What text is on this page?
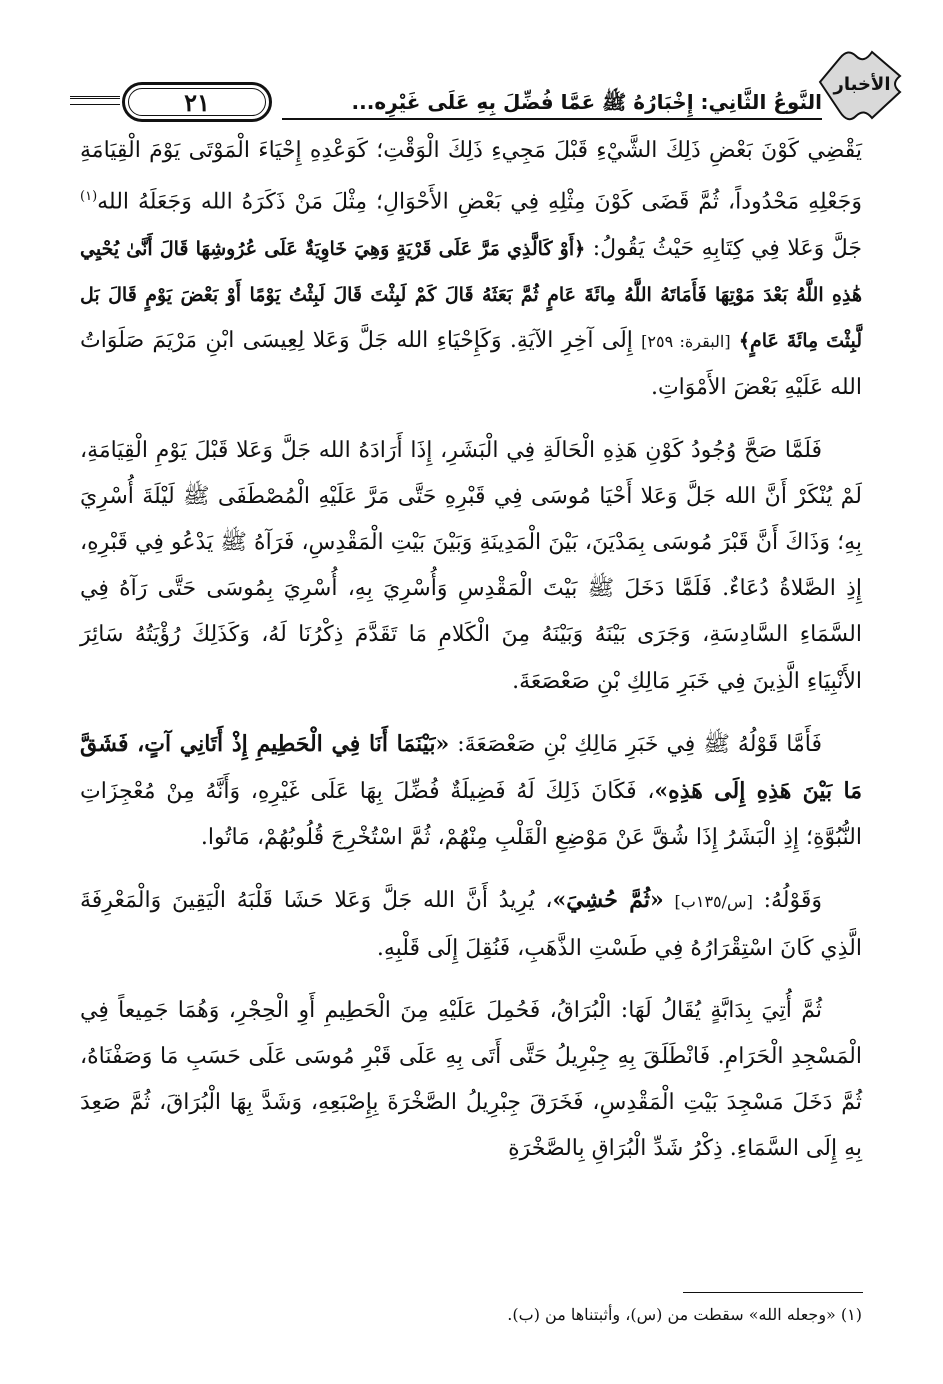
٢١	النَّوعُ الثَّانِي: إِخْبَارُهُ ﷺ عَمَّا فُضِّلَ بِهِ عَلَى غَيْرِه...
الأخبار

يَقْضِي كَوْنَ بَعْضِ ذَلِكَ الشَّيْءِ قَبْلَ مَجِيءِ ذَلِكَ الْوَقْتِ؛ كَوَعْدِهِ إِحْيَاءَ الْمَوْتَى يَوْمَ الْقِيَامَةِ وَجَعْلِهِ مَحْدُوداً، ثُمَّ قَضَى كَوْنَ مِثْلِهِ فِي بَعْضِ الأَحْوَالِ؛ مِثْلَ مَنْ ذَكَرَهُ الله وَجَعَلَهُ الله$^{(١)}$ جَلَّ وَعَلا فِي كِتَابِهِ حَيْثُ يَقُولُ: ﴿أَوْ كَالَّذِي مَرَّ عَلَى قَرْيَةٍ وَهِيَ خَاوِيَةٌ عَلَى عُرُوشِهَا قَالَ أَنَّىٰ يُحْيِي هَٰذِهِ اللَّهُ بَعْدَ مَوْتِهَا فَأَمَاتَهُ اللَّهُ مِائَةَ عَامٍ ثُمَّ بَعَثَهُ قَالَ كَمْ لَبِثْتَ قَالَ لَبِثْتُ يَوْمًا أَوْ بَعْضَ يَوْمٍ قَالَ بَل لَّبِثْتَ مِائَةَ عَامٍ﴾ [البقرة: ٢٥٩] إِلَى آخِرِ الآيَةِ. وَكَإِحْيَاءِ الله جَلَّ وَعَلا لِعِيسَى ابْنِ مَرْيَمَ صَلَوَاتُ الله عَلَيْهِ بَعْضَ الأَمْوَاتِ.

فَلَمَّا صَحَّ وُجُودُ كَوْنِ هَذِهِ الْحَالَةِ فِي الْبَشَرِ، إِذَا أَرَادَهُ الله جَلَّ وَعَلا قَبْلَ يَوْمِ الْقِيَامَةِ، لَمْ يُنْكَرْ أَنَّ الله جَلَّ وَعَلا أَحْيَا مُوسَى فِي قَبْرِهِ حَتَّى مَرَّ عَلَيْهِ الْمُصْطَفَى ﷺ لَيْلَةَ أُسْرِيَ بِهِ؛ وَذَاكَ أَنَّ قَبْرَ مُوسَى بِمَدْيَنَ، بَيْنَ الْمَدِينَةِ وَبَيْنَ بَيْتِ الْمَقْدِسِ، فَرَآهُ ﷺ يَدْعُو فِي قَبْرِهِ، إِذِ الصَّلاةُ دُعَاءٌ. فَلَمَّا دَخَلَ ﷺ بَيْتَ الْمَقْدِسِ وَأُسْرِيَ بِهِ، أُسْرِيَ بِمُوسَى حَتَّى رَآهُ فِي السَّمَاءِ السَّادِسَةِ، وَجَرَى بَيْنَهُ وَبَيْنَهُ مِنَ الْكَلامِ مَا تَقَدَّمَ ذِكْرُنَا لَهُ، وَكَذَلِكَ رُؤْيَتُهُ سَائِرَ الأَنْبِيَاءِ الَّذِينَ فِي خَبَرِ مَالِكِ بْنِ صَعْصَعَةَ.

فَأَمَّا قَوْلُهُ ﷺ فِي خَبَرِ مَالِكِ بْنِ صَعْصَعَةَ: «بَيْنَمَا أَنَا فِي الْحَطِيمِ إِذْ أَتَانِي آتٍ، فَشَقَّ مَا بَيْنَ هَذِهِ إِلَى هَذِهِ»، فَكَانَ ذَلِكَ لَهُ فَضِيلَةٌ فُضِّلَ بِهَا عَلَى غَيْرِهِ، وَأَنَّهُ مِنْ مُعْجِزَاتِ النُّبُوَّةِ؛ إِذِ الْبَشَرُ إِذَا شُقَّ عَنْ مَوْضِعِ الْقَلْبِ مِنْهُمْ، ثُمَّ اسْتُخْرِجَ قُلُوبُهُمْ، مَاتُوا.

وَقَوْلُهُ: [س/١٣٥ب] «ثُمَّ حُشِيَ»، يُرِيدُ أَنَّ الله جَلَّ وَعَلا حَشَا قَلْبَهُ الْيَقِينَ وَالْمَعْرِفَةَ الَّذِي كَانَ اسْتِقْرَارُهُ فِي طَسْتِ الذَّهَبِ، فَنُقِلَ إِلَى قَلْبِهِ.

ثُمَّ أُتِيَ بِدَابَّةٍ يُقَالُ لَهَا: الْبُرَاقُ، فَحُمِلَ عَلَيْهِ مِنَ الْحَطِيمِ أَوِ الْحِجْرِ، وَهُمَا جَمِيعاً فِي الْمَسْجِدِ الْحَرَامِ. فَانْطَلَقَ بِهِ جِبْرِيلُ حَتَّى أَتَى بِهِ عَلَى قَبْرِ مُوسَى عَلَى حَسَبِ مَا وَصَفْنَاهُ، ثُمَّ دَخَلَ مَسْجِدَ بَيْتِ الْمَقْدِسِ، فَخَرَقَ جِبْرِيلُ الصَّخْرَةَ بِإِصْبَعِهِ، وَشَدَّ بِهَا الْبُرَاقَ، ثُمَّ صَعِدَ بِهِ إِلَى السَّمَاءِ. ذِكْرُ شَدِّ الْبُرَاقِ بِالصَّخْرَةِ

(١) «وجعله الله» سقطت من (س)، وأثبتناها من (ب).
